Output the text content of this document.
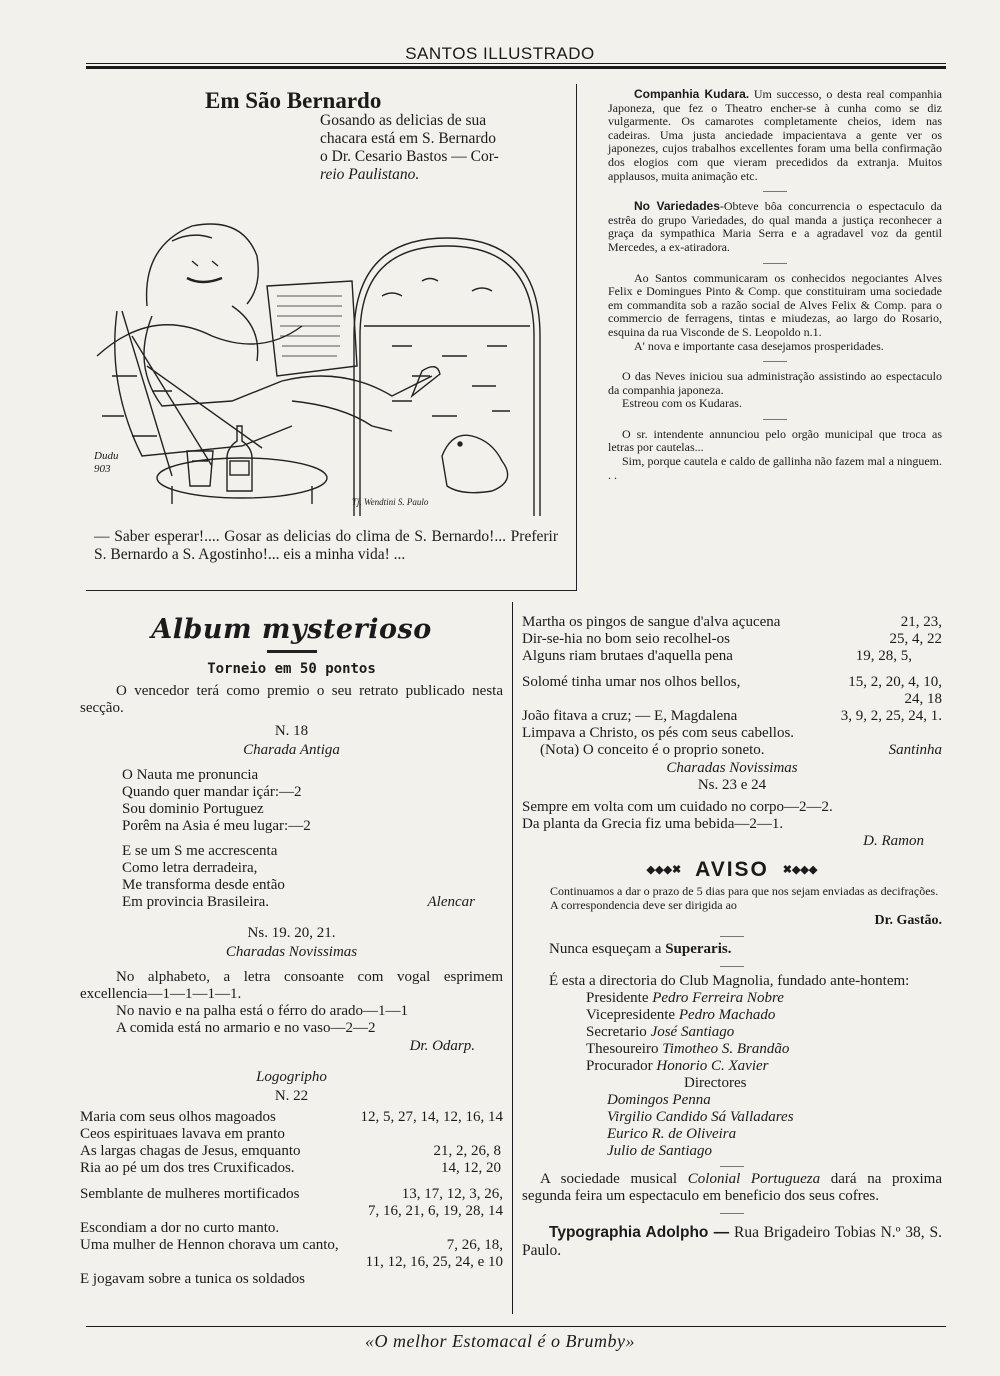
SANTOS ILLUSTRADO
Em São Bernardo
Gosando as delicias de sua
chacara está em S. Bernardo
o Dr. Cesario Bastos — Cor-
reio Paulistano.
Dudu 903
Tj. Wendtini S. Paulo
— Saber esperar!.... Gosar as delicias do clima de S. Bernardo!... Preferir S. Bernardo a S. Agostinho!... eis a minha vida! ...
Companhia Kudara. Um successo, o desta real companhia Japoneza, que fez o Theatro encher-se à cunha como se diz vulgarmente. Os camarotes completamente cheios, idem nas cadeiras. Uma justa anciedade impacientava a gente ver os japonezes, cujos trabalhos excellentes foram uma bella confirmação dos elogios com que vieram precedidos da extranja. Muitos applausos, muita animação etc.
No Variedades-Obteve bôa concurrencia o espectaculo da estrêa do grupo Variedades, do qual manda a justiça reconhecer a graça da sympathica Maria Serra e a agradavel voz da gentil Mercedes, a ex-atiradora.
Ao Santos communicaram os conhecidos negociantes Alves Felix e Domingues Pinto & Comp. que constituiram uma sociedade em commandita sob a razão social de Alves Felix & Comp. para o commercio de ferragens, tintas e miudezas, ao largo do Rosario, esquina da rua Visconde de S. Leopoldo n.1.
A' nova e importante casa desejamos prosperidades.
O das Neves iniciou sua administração assistindo ao espectaculo da companhia japoneza.
Estreou com os Kudaras.
O sr. intendente annunciou pelo orgão municipal que troca as letras por cautelas...
Sim, porque cautela e caldo de gallinha não fazem mal a ninguem. . .
Album mysterioso
Torneio em 50 pontos
O vencedor terá como premio o seu retrato publicado nesta secção.
N. 18
Charada Antiga
O Nauta me pronuncia
Quando quer mandar içár:—2
Sou dominio Portuguez
Porêm na Asia é meu lugar:—2
E se um S me accrescenta
Como letra derradeira,
Me transforma desde então
Em provincia Brasileira.	Alencar
Ns. 19. 20, 21.
Charadas Novissimas
No alphabeto, a letra consoante com vogal esprimem excellencia—1—1—1—1.
No navio e na palha está o férro do arado—1—1
A comida está no armario e no vaso—2—2
Dr. Odarp.
Logogripho
N. 22
Maria com seus olhos magoados	12, 5, 27, 14, 12, 16, 14
Ceos espirituaes lavava em pranto
As largas chagas de Jesus, emquanto	21, 2, 26, 8
Ria ao pé um dos tres Cruxificados.	14, 12, 20
Semblante de mulheres mortificados	13, 17, 12, 3, 26,
7, 16, 21, 6, 19, 28, 14
Escondiam a dor no curto manto.
Uma mulher de Hennon chorava um canto,	7, 26, 18,
11, 12, 16, 25, 24, e 10
E jogavam sobre a tunica os soldados
Martha os pingos de sangue d'alva açucena	21, 23,
Dir-se-hia no bom seio recolhel-os	25, 4, 22
Alguns riam brutaes d'aquella pena	19, 28, 5,
Solomé tinha umar nos olhos bellos,	15, 2, 20, 4, 10,
24, 18
João fitava a cruz; — E, Magdalena	3, 9, 2, 25, 24, 1.
Limpava a Christo, os pés com seus cabellos.
(Nota) O conceito é o proprio soneto.	Santinha
Charadas Novissimas
Ns. 23 e 24
Sempre em volta com um cuidado no corpo—2—2.
Da planta da Grecia fiz uma bebida—2—1.
D. Ramon
◆◆◆✖ AVISO ✖◆◆◆
Continuamos a dar o prazo de 5 dias para que nos sejam enviadas as decifrações.
A correspondencia deve ser dirigida ao
Dr. Gastão.
Nunca esqueçam a Superaris.
É esta a directoria do Club Magnolia, fundado ante-hontem:
Presidente Pedro Ferreira Nobre
Vicepresidente Pedro Machado
Secretario José Santiago
Thesoureiro Timotheo S. Brandão
Procurador Honorio C. Xavier
Directores
Domingos Penna
Virgilio Candido Sá Valladares
Eurico R. de Oliveira
Julio de Santiago
A sociedade musical Colonial Portugueza dará na proxima segunda feira um espectaculo em beneficio dos seus cofres.
Typographia Adolpho — Rua Brigadeiro Tobias N.º 38, S. Paulo.
«O melhor Estomacal é o Brumby»
